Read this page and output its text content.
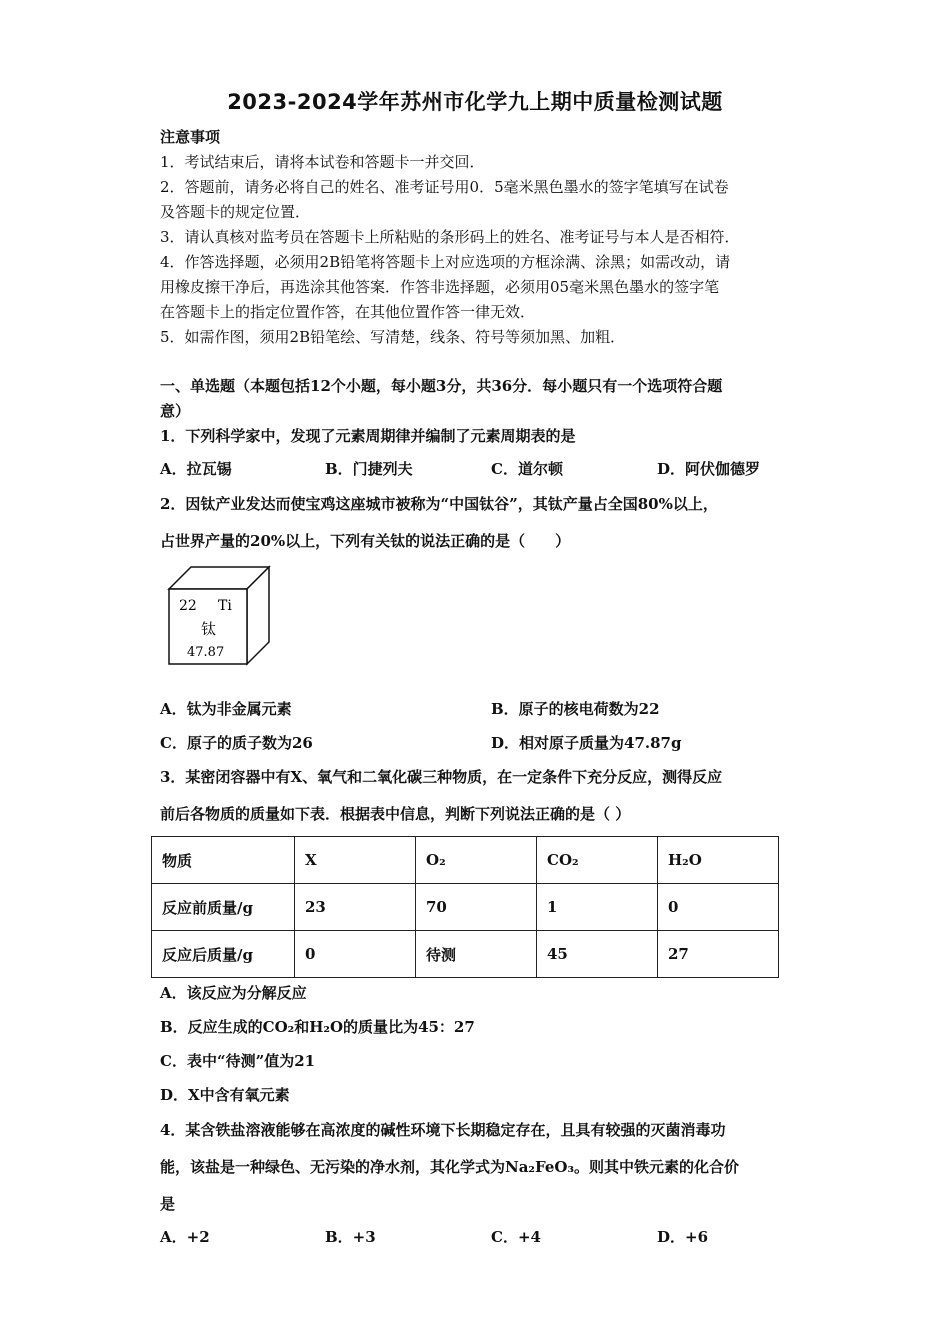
2023-2024学年苏州市化学九上期中质量检测试题
注意事项
1．考试结束后，请将本试卷和答题卡一并交回．
2．答题前，请务必将自己的姓名、准考证号用0．5毫米黑色墨水的签字笔填写在试卷
及答题卡的规定位置．
3．请认真核对监考员在答题卡上所粘贴的条形码上的姓名、准考证号与本人是否相符．
4．作答选择题，必须用2B铅笔将答题卡上对应选项的方框涂满、涂黑；如需改动，请
用橡皮擦干净后，再选涂其他答案．作答非选择题，必须用05毫米黑色墨水的签字笔
在答题卡上的指定位置作答，在其他位置作答一律无效．
5．如需作图，须用2B铅笔绘、写清楚，线条、符号等须加黑、加粗．
一、单选题（本题包括12个小题，每小题3分，共36分．每小题只有一个选项符合题
意）
1．下列科学家中，发现了元素周期律并编制了元素周期表的是
A．拉瓦锡	B．门捷列夫	C．道尔顿	D．阿伏伽德罗
2．因钛产业发达而使宝鸡这座城市被称为“中国钛谷”，其钛产量占全国80%以上，
占世界产量的20%以上，下列有关钛的说法正确的是（　　）
22 Ti
钛
47.87
A．钛为非金属元素	B．原子的核电荷数为22
C．原子的质子数为26	D．相对原子质量为47.87g
3．某密闭容器中有X、氧气和二氧化碳三种物质，在一定条件下充分反应，测得反应
前后各物质的质量如下表．根据表中信息，判断下列说法正确的是（ ）
物质	X	O₂	CO₂	H₂O
反应前质量/g	23	70	1	0
反应后质量/g	0	待测	45	27
A．该反应为分解反应
B．反应生成的CO₂和H₂O的质量比为45：27
C．表中“待测”值为21
D．X中含有氧元素
4．某含铁盐溶液能够在高浓度的碱性环境下长期稳定存在，且具有较强的灭菌消毒功
能，该盐是一种绿色、无污染的净水剂，其化学式为Na₂FeO₃。则其中铁元素的化合价
是
A．+2	B．+3	C．+4	D．+6
